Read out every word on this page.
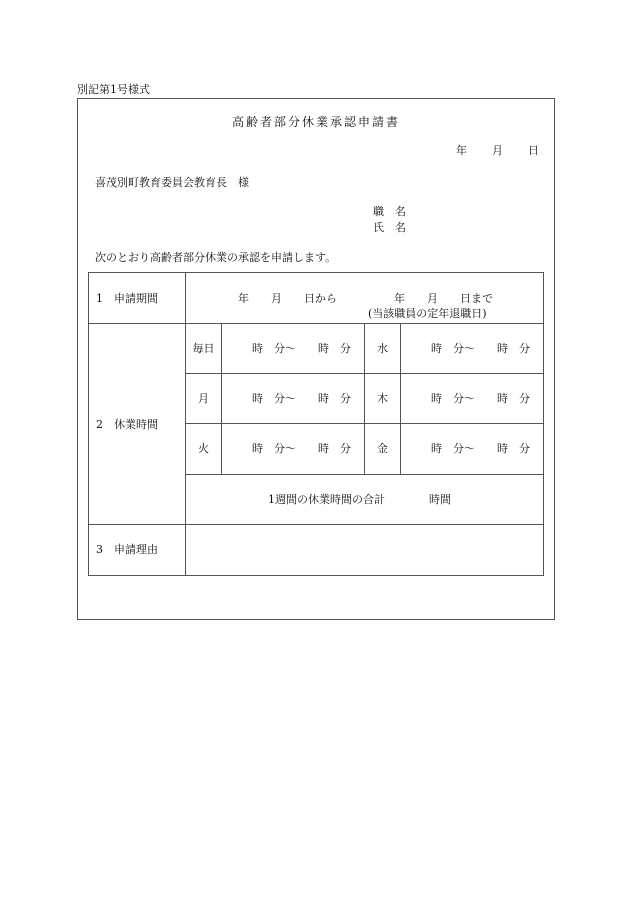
別記第1号様式
高齢者部分休業承認申請書
年 月 日
喜茂別町教育委員会教育長　様
職　名
氏　名
次のとおり高齢者部分休業の承認を申請します。
1　申請期間	年　　月　　日から	年　　月　　日まで
(当該職員の定年退職日)
2　休業時間
毎日
月
火
水
木
金
時　分～　　時　分
時　分～　　時　分
時　分～　　時　分
時　分～　　時　分
時　分～　　時　分
時　分～　　時　分
1週間の休業時間の合計　　　　時間
3　申請理由
